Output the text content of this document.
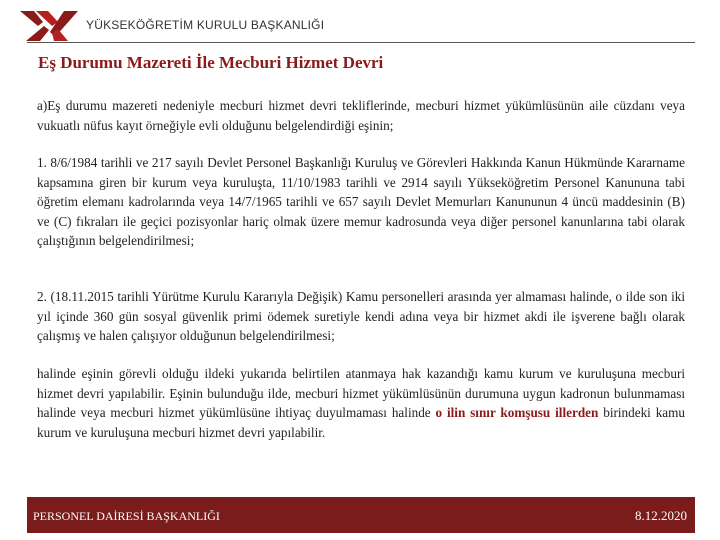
YÜKSEKÖĞRETİM KURULU BAŞKANLIĞI
Eş Durumu Mazereti İle Mecburi Hizmet Devri

a)Eş durumu mazereti nedeniyle mecburi hizmet devri tekliflerinde, mecburi hizmet yükümlüsünün aile cüzdanı veya vukuatlı nüfus kayıt örneğiyle evli olduğunu belgelendirdiği eşinin;

1. 8/6/1984 tarihli ve 217 sayılı Devlet Personel Başkanlığı Kuruluş ve Görevleri Hakkında Kanun Hükmünde Kararname kapsamına giren bir kurum veya kuruluşta, 11/10/1983 tarihli ve 2914 sayılı Yükseköğretim Personel Kanununa tabi öğretim elemanı kadrolarında veya 14/7/1965 tarihli ve 657 sayılı Devlet Memurları Kanununun 4 üncü maddesinin (B) ve (C) fıkraları ile geçici pozisyonlar hariç olmak üzere memur kadrosunda veya diğer personel kanunlarına tabi olarak çalıştığının belgelendirilmesi;

2. (18.11.2015 tarihli Yürütme Kurulu Kararıyla Değişik) Kamu personelleri arasında yer almaması halinde, o ilde son iki yıl içinde 360 gün sosyal güvenlik primi ödemek suretiyle kendi adına veya bir hizmet akdi ile işverene bağlı olarak çalışmış ve halen çalışıyor olduğunun belgelendirilmesi;

halinde eşinin görevli olduğu ildeki yukarıda belirtilen atanmaya hak kazandığı kamu kurum ve kuruluşuna mecburi hizmet devri yapılabilir. Eşinin bulunduğu ilde, mecburi hizmet yükümlüsünün durumuna uygun kadronun bulunmaması halinde veya mecburi hizmet yükümlüsüne ihtiyaç duyulmaması halinde o ilin sınır komşusu illerden birindeki kamu kurum ve kuruluşuna mecburi hizmet devri yapılabilir.

PERSONEL DAİRESİ BAŞKANLIĞI	8.12.2020
